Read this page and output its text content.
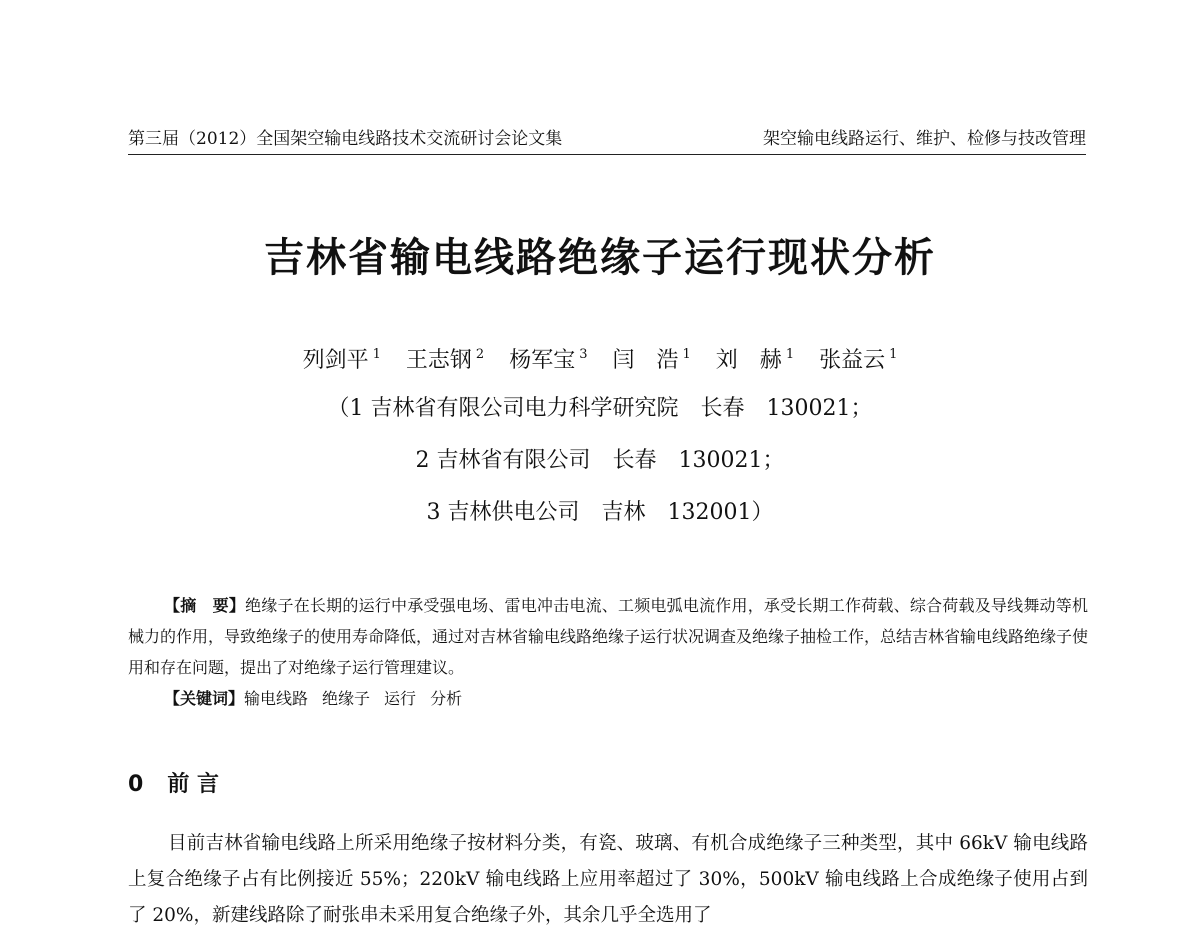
第三届（2012）全国架空输电线路技术交流研讨会论文集	架空输电线路运行、维护、检修与技改管理
吉林省输电线路绝缘子运行现状分析
列剑平 $^1$ 王志钢 $^2$ 杨军宝 $^3$ 闫　浩 $^1$ 刘　赫 $^1$ 张益云 $^1$
（1 吉林省有限公司电力科学研究院　长春　130021；
2 吉林省有限公司　长春　130021；
3 吉林供电公司　吉林　132001）

【摘　要】绝缘子在长期的运行中承受强电场、雷电冲击电流、工频电弧电流作用，承受长期工作荷载、综合荷载及导线舞动等机械力的作用，导致绝缘子的使用寿命降低，通过对吉林省输电线路绝缘子运行状况调查及绝缘子抽检工作，总结吉林省输电线路绝缘子使用和存在问题，提出了对绝缘子运行管理建议。

【关键词】输电线路 绝缘子 运行 分析

0 前 言

目前吉林省输电线路上所采用绝缘子按材料分类，有瓷、玻璃、有机合成绝缘子三种类型，其中 66kV 输电线路上复合绝缘子占有比例接近 55%；220kV 输电线路上应用率超过了 30%，500kV 输电线路上合成绝缘子使用占到了 20%，新建线路除了耐张串未采用复合绝缘子外，其余几乎全选用了
